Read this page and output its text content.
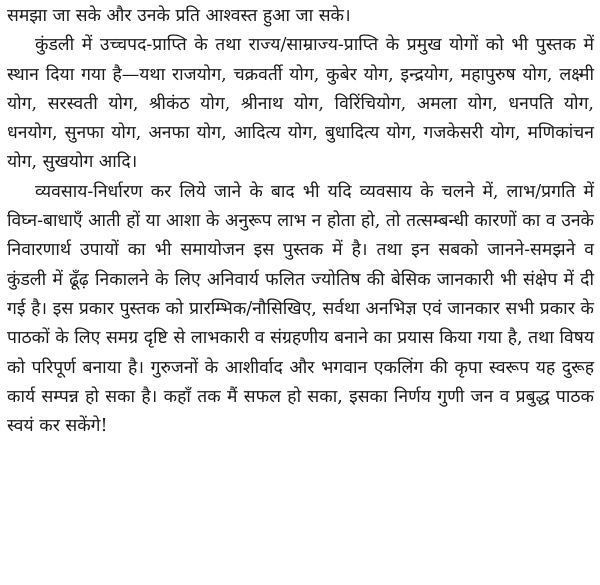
समझा जा सके और उनके प्रति आश्वस्त हुआ जा सके।

कुंडली में उच्चपद-प्राप्ति के तथा राज्य/साम्राज्य-प्राप्ति के प्रमुख योगों को भी पुस्तक में स्थान दिया गया है—यथा राजयोग, चक्रवर्ती योग, कुबेर योग, इन्द्रयोग, महापुरुष योग, लक्ष्मी योग, सरस्वती योग, श्रीकंठ योग, श्रीनाथ योग, विरिंचियोग, अमला योग, धनपति योग, धनयोग, सुनफा योग, अनफा योग, आदित्य योग, बुधादित्य योग, गजकेसरी योग, मणिकांचन योग, सुखयोग आदि।

व्यवसाय-निर्धारण कर लिये जाने के बाद भी यदि व्यवसाय के चलने में, लाभ/प्रगति में विघ्न-बाधाएँ आती हों या आशा के अनुरूप लाभ न होता हो, तो तत्सम्बन्धी कारणों का व उनके निवारणार्थ उपायों का भी समायोजन इस पुस्तक में है। तथा इन सबको जानने-समझने व कुंडली में ढूँढ़ निकालने के लिए अनिवार्य फलित ज्योतिष की बेसिक जानकारी भी संक्षेप में दी गई है। इस प्रकार पुस्तक को प्रारम्भिक/नौसिखिए, सर्वथा अनभिज्ञ एवं जानकार सभी प्रकार के पाठकों के लिए समग्र दृष्टि से लाभकारी व संग्रहणीय बनाने का प्रयास किया गया है, तथा विषय को परिपूर्ण बनाया है। गुरुजनों के आशीर्वाद और भगवान एकलिंग की कृपा स्वरूप यह दुरूह कार्य सम्पन्न हो सका है। कहाँ तक मैं सफल हो सका, इसका निर्णय गुणी जन व प्रबुद्ध पाठक स्वयं कर सकेंगे!
